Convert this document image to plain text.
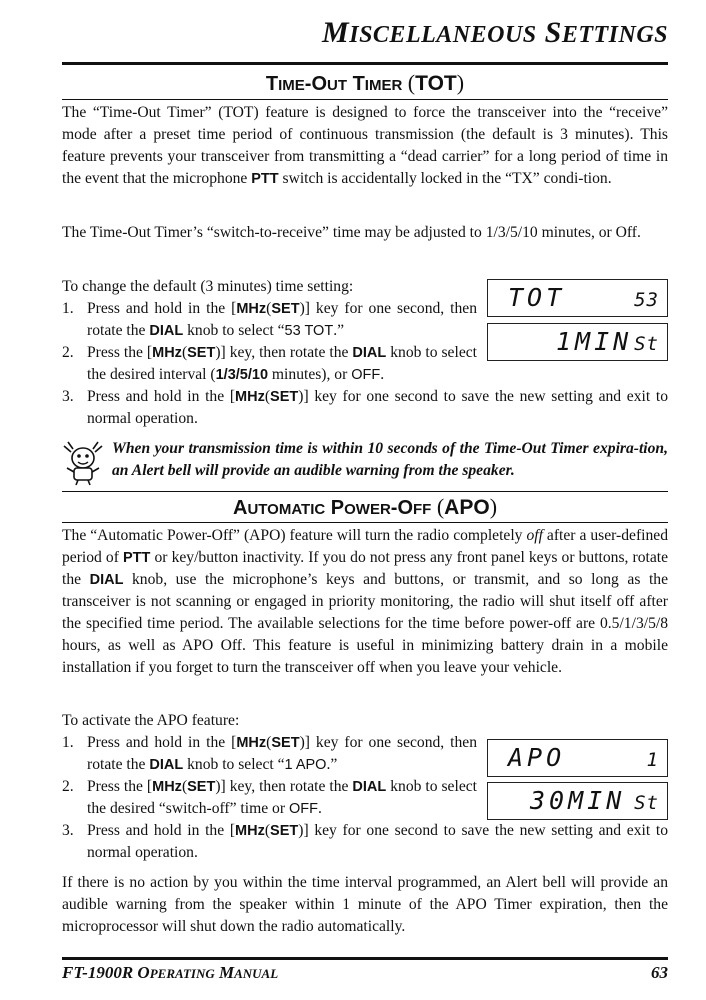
MISCELLANEOUS SETTINGS
TIME-OUT TIMER (TOT)

The “Time-Out Timer” (TOT) feature is designed to force the transceiver into the “receive” mode after a preset time period of continuous transmission (the default is 3 minutes). This feature prevents your transceiver from transmitting a “dead carrier” for a long period of time in the event that the microphone PTT switch is accidentally locked in the “TX” condi-tion.

The Time-Out Timer’s “switch-to-receive” time may be adjusted to 1/3/5/10 minutes, or Off.

To change the default (3 minutes) time setting:

1. Press and hold in the [MHz(SET)] key for one second, then rotate the DIAL knob to select “53 TOT.”
2. Press the [MHz(SET)] key, then rotate the DIAL knob to select the desired interval (1/3/5/10 minutes), or OFF.
3. Press and hold in the [MHz(SET)] key for one second to save the new setting and exit to normal operation.
TOT	53
1MIN St

When your transmission time is within 10 seconds of the Time-Out Timer expira-tion, an Alert bell will provide an audible warning from the speaker.

AUTOMATIC POWER-OFF (APO)

The “Automatic Power-Off” (APO) feature will turn the radio completely off after a user-defined period of PTT or key/button inactivity. If you do not press any front panel keys or buttons, rotate the DIAL knob, use the microphone’s keys and buttons, or transmit, and so long as the transceiver is not scanning or engaged in priority monitoring, the radio will shut itself off after the specified time period. The available selections for the time before power-off are 0.5/1/3/5/8 hours, as well as APO Off. This feature is useful in minimizing battery drain in a mobile installation if you forget to turn the transceiver off when you leave your vehicle.

To activate the APO feature:

1. Press and hold in the [MHz(SET)] key for one second, then rotate the DIAL knob to select “1 APO.”
2. Press the [MHz(SET)] key, then rotate the DIAL knob to select the desired “switch-off” time or OFF.
3. Press and hold in the [MHz(SET)] key for one second to save the new setting and exit to normal operation.
APO	1
30MIN St

If there is no action by you within the time interval programmed, an Alert bell will provide an audible warning from the speaker within 1 minute of the APO Timer expiration, then the microprocessor will shut down the radio automatically.

FT-1900R OPERATING MANUAL	63
